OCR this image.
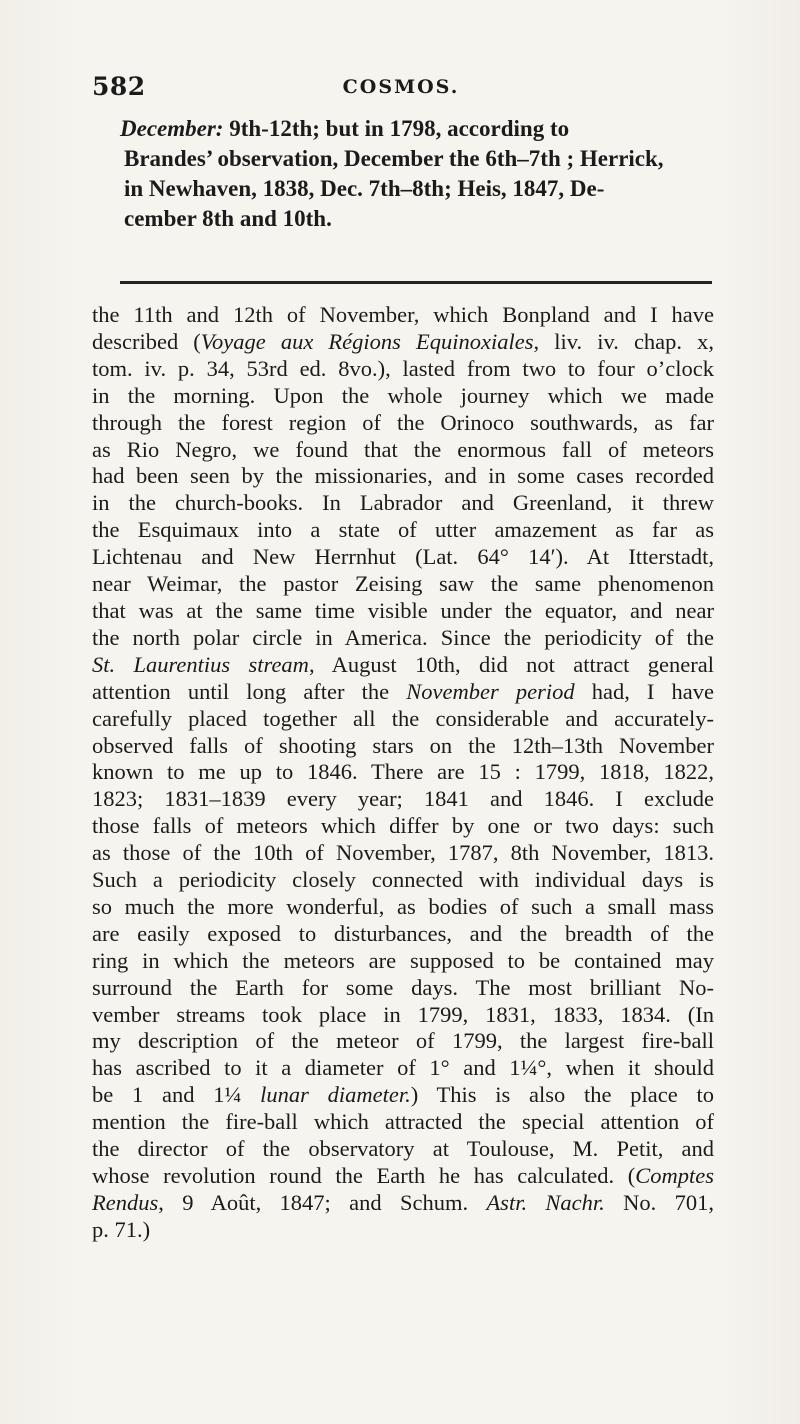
582	COSMOS.
December: 9th-12th; but in 1798, according to
Brandes’ observation, December the 6th–7th ; Herrick,
in Newhaven, 1838, Dec. 7th–8th; Heis, 1847, De-
cember 8th and 10th.
the 11th and 12th of November, which Bonpland and I have
described (Voyage aux Régions Equinoxiales, liv. iv. chap. x,
tom. iv. p. 34, 53rd ed. 8vo.), lasted from two to four o’clock
in the morning. Upon the whole journey which we made
through the forest region of the Orinoco southwards, as far
as Rio Negro, we found that the enormous fall of meteors
had been seen by the missionaries, and in some cases recorded
in the church-books. In Labrador and Greenland, it threw
the Esquimaux into a state of utter amazement as far as
Lichtenau and New Herrnhut (Lat. 64° 14′). At Itterstadt,
near Weimar, the pastor Zeising saw the same phenomenon
that was at the same time visible under the equator, and near
the north polar circle in America. Since the periodicity of the
St. Laurentius stream, August 10th, did not attract general
attention until long after the November period had, I have
carefully placed together all the considerable and accurately-
observed falls of shooting stars on the 12th–13th November
known to me up to 1846. There are 15 : 1799, 1818, 1822,
1823; 1831–1839 every year; 1841 and 1846. I exclude
those falls of meteors which differ by one or two days: such
as those of the 10th of November, 1787, 8th November, 1813.
Such a periodicity closely connected with individual days is
so much the more wonderful, as bodies of such a small mass
are easily exposed to disturbances, and the breadth of the
ring in which the meteors are supposed to be contained may
surround the Earth for some days. The most brilliant No-
vember streams took place in 1799, 1831, 1833, 1834. (In
my description of the meteor of 1799, the largest fire-ball
has ascribed to it a diameter of 1° and 1¼°, when it should
be 1 and 1¼ lunar diameter.) This is also the place to
mention the fire-ball which attracted the special attention of
the director of the observatory at Toulouse, M. Petit, and
whose revolution round the Earth he has calculated. (Comptes
Rendus, 9 Août, 1847; and Schum. Astr. Nachr. No. 701,
p. 71.)
